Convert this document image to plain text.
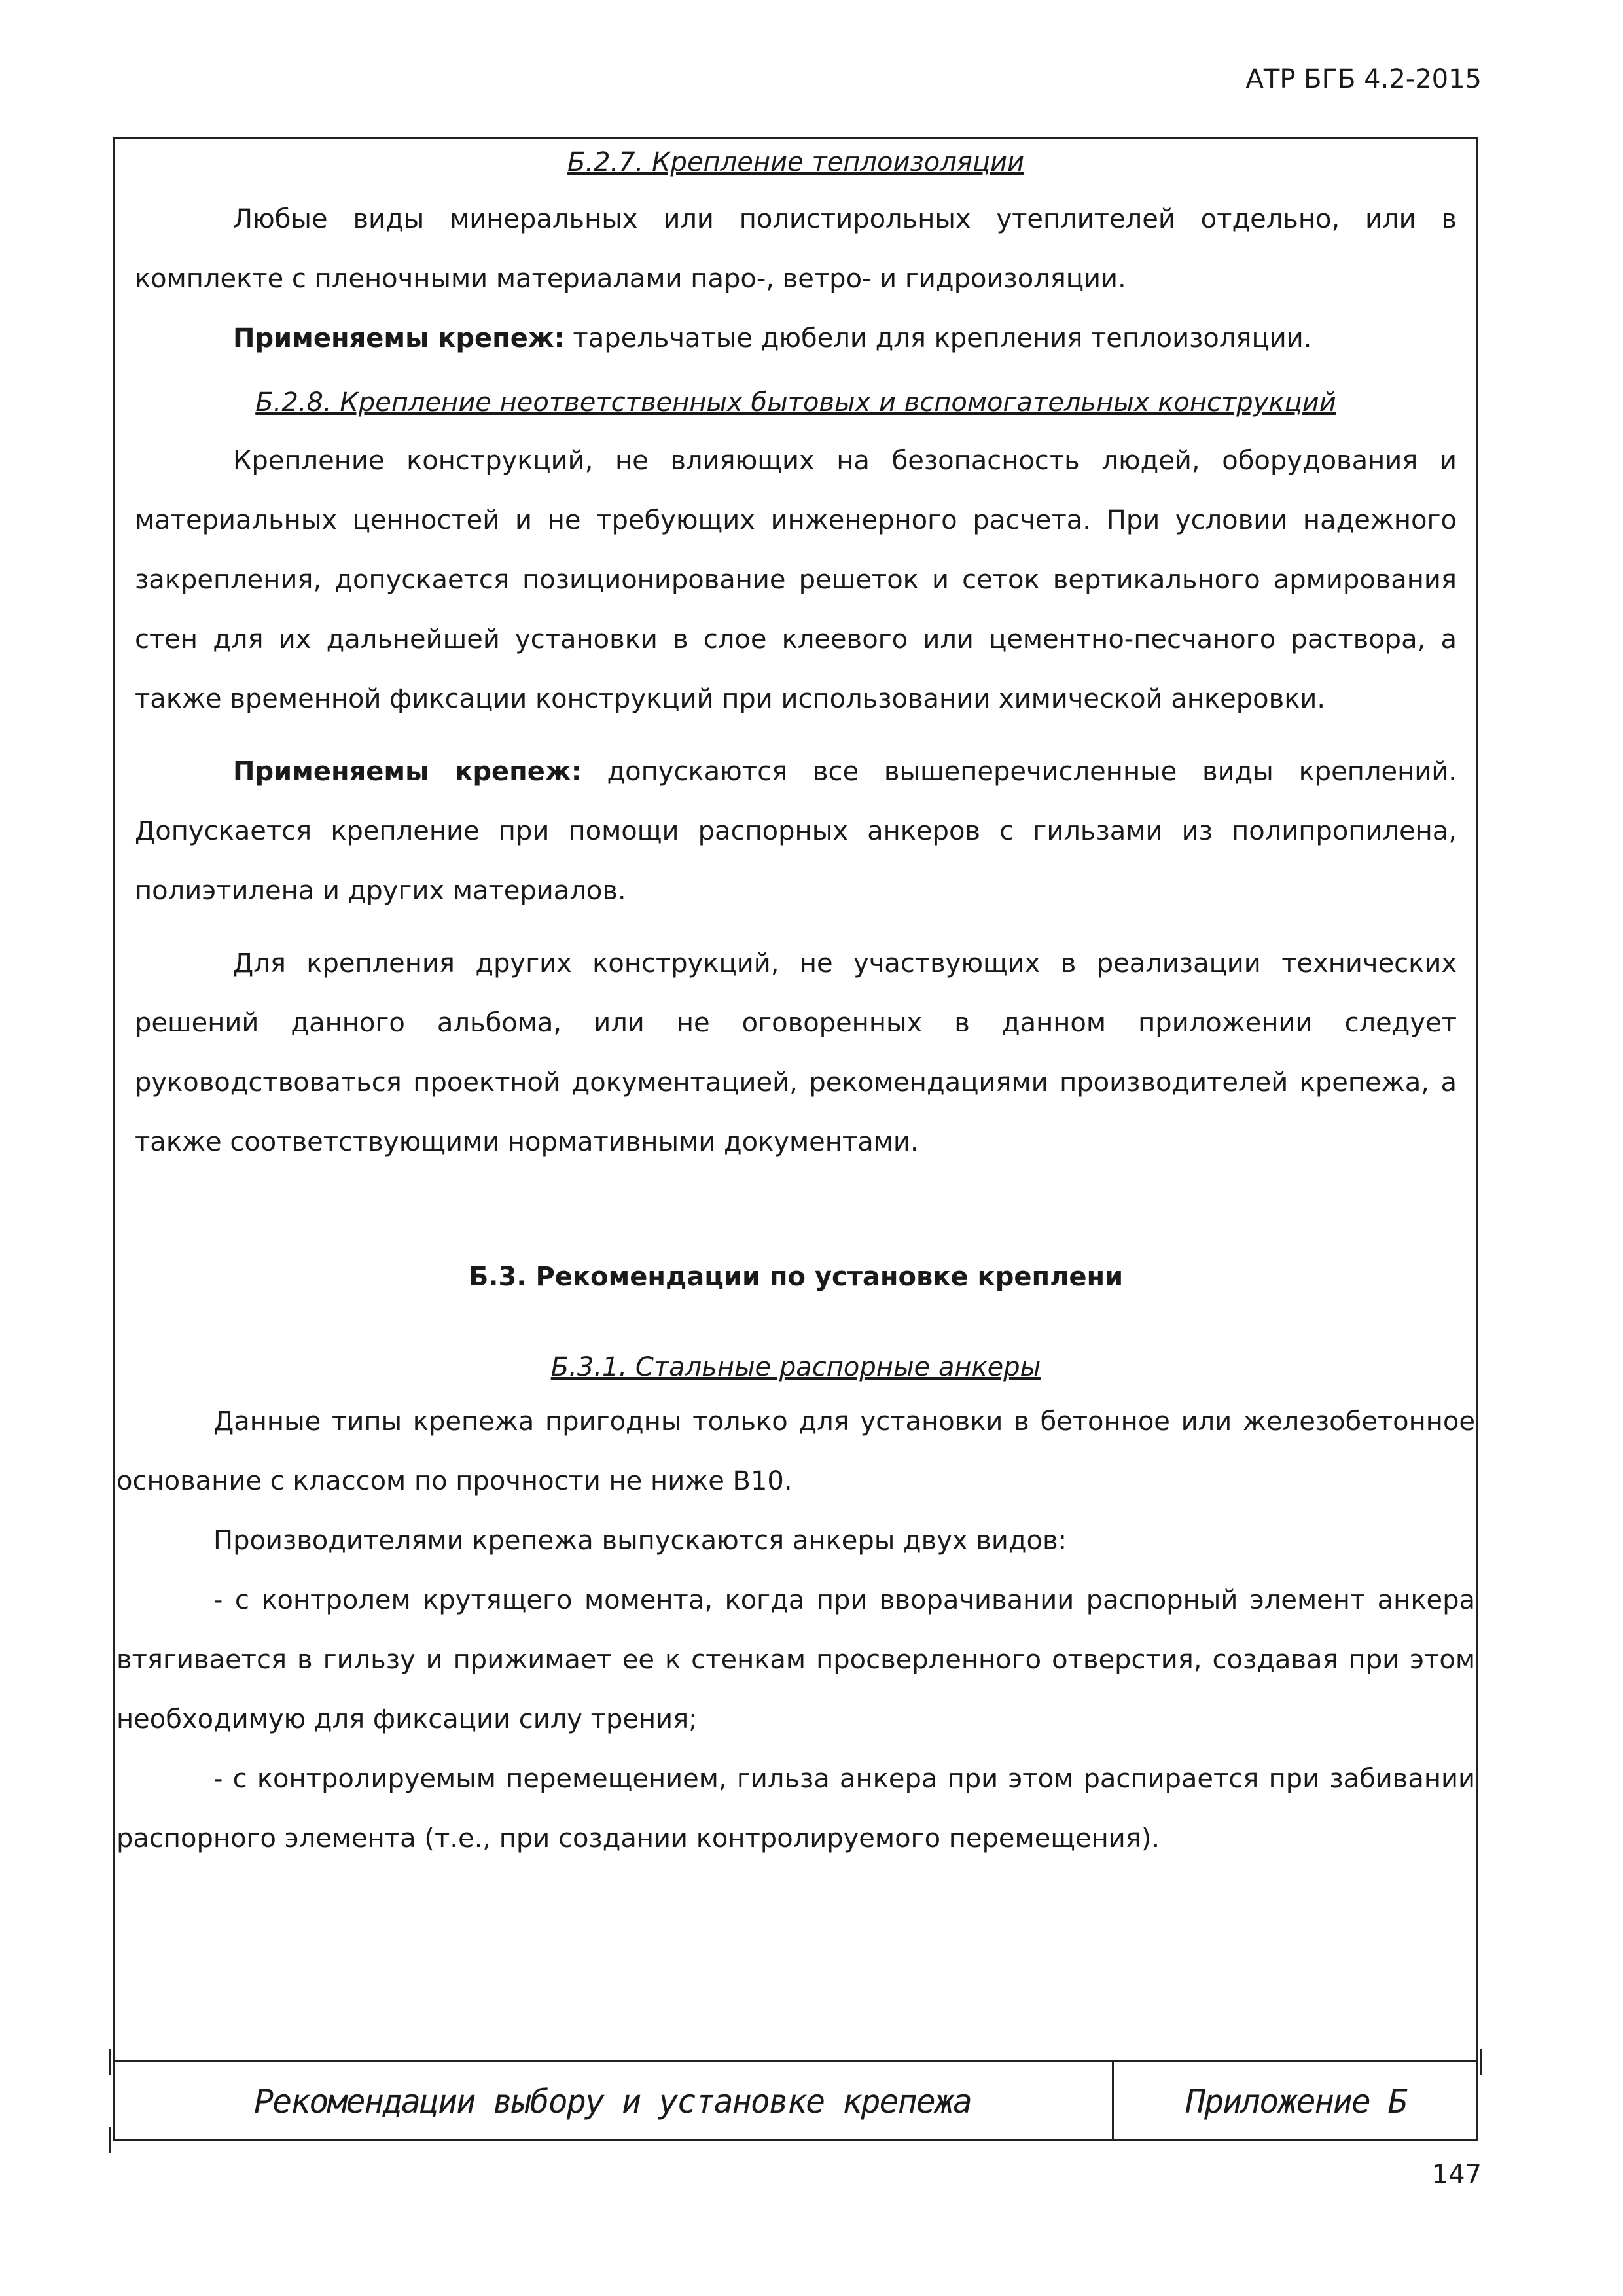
АТР БГБ 4.2-2015
Б.2.7. Крепление теплоизоляции

Любые виды минеральных или полистирольных утеплителей отдельно, или в комплекте с пленочными материалами паро-, ветро- и гидроизоляции.

Применяемы крепеж: тарельчатые дюбели для крепления теплоизоляции.

Б.2.8. Крепление неответственных бытовых и вспомогательных конструкций

Крепление конструкций, не влияющих на безопасность людей, оборудования и материальных ценностей и не требующих инженерного расчета. При условии надежного закрепления, допускается позиционирование решеток и сеток вертикального армирования стен для их дальнейшей установки в слое клеевого или цементно-песчаного раствора, а также временной фиксации конструкций при использовании химической анкеровки.

Применяемы крепеж: допускаются все вышеперечисленные виды креплений. Допускается крепление при помощи распорных анкеров с гильзами из полипропилена, полиэтилена и других материалов.

Для крепления других конструкций, не участвующих в реализации технических решений данного альбома, или не оговоренных в данном приложении следует руководствоваться проектной документацией, рекомендациями производителей крепежа, а также соответствующими нормативными документами.

Б.3. Рекомендации по установке креплени
Б.3.1. Стальные распорные анкеры

Данные типы крепежа пригодны только для установки в бетонное или железобетонное основание с классом по прочности не ниже В10.

Производителями крепежа выпускаются анкеры двух видов:

- с контролем крутящего момента, когда при вворачивании распорный элемент анкера втягивается в гильзу и прижимает ее к стенкам просверленного отверстия, создавая при этом необходимую для фиксации силу трения;

- с контролируемым перемещением, гильза анкера при этом распирается при забивании распорного элемента (т.е., при создании контролируемого перемещения).

Рекомендации выбору и установке крепежа	Приложение Б
147
